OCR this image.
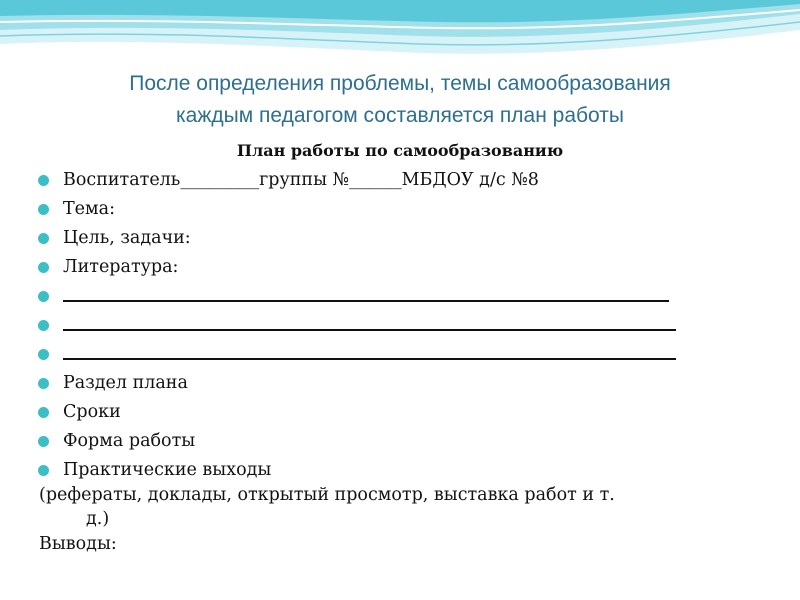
После определения проблемы, темы самообразования
каждым педагогом составляется план работы
План работы по самообразованию
Воспитатель_________группы №______МБДОУ д/с №8
Тема:
Цель, задачи:
Литература:
Раздел плана
Сроки
Форма работы
Практические выходы
(рефераты, доклады, открытый просмотр, выставка работ и т.
д.)
Выводы:
